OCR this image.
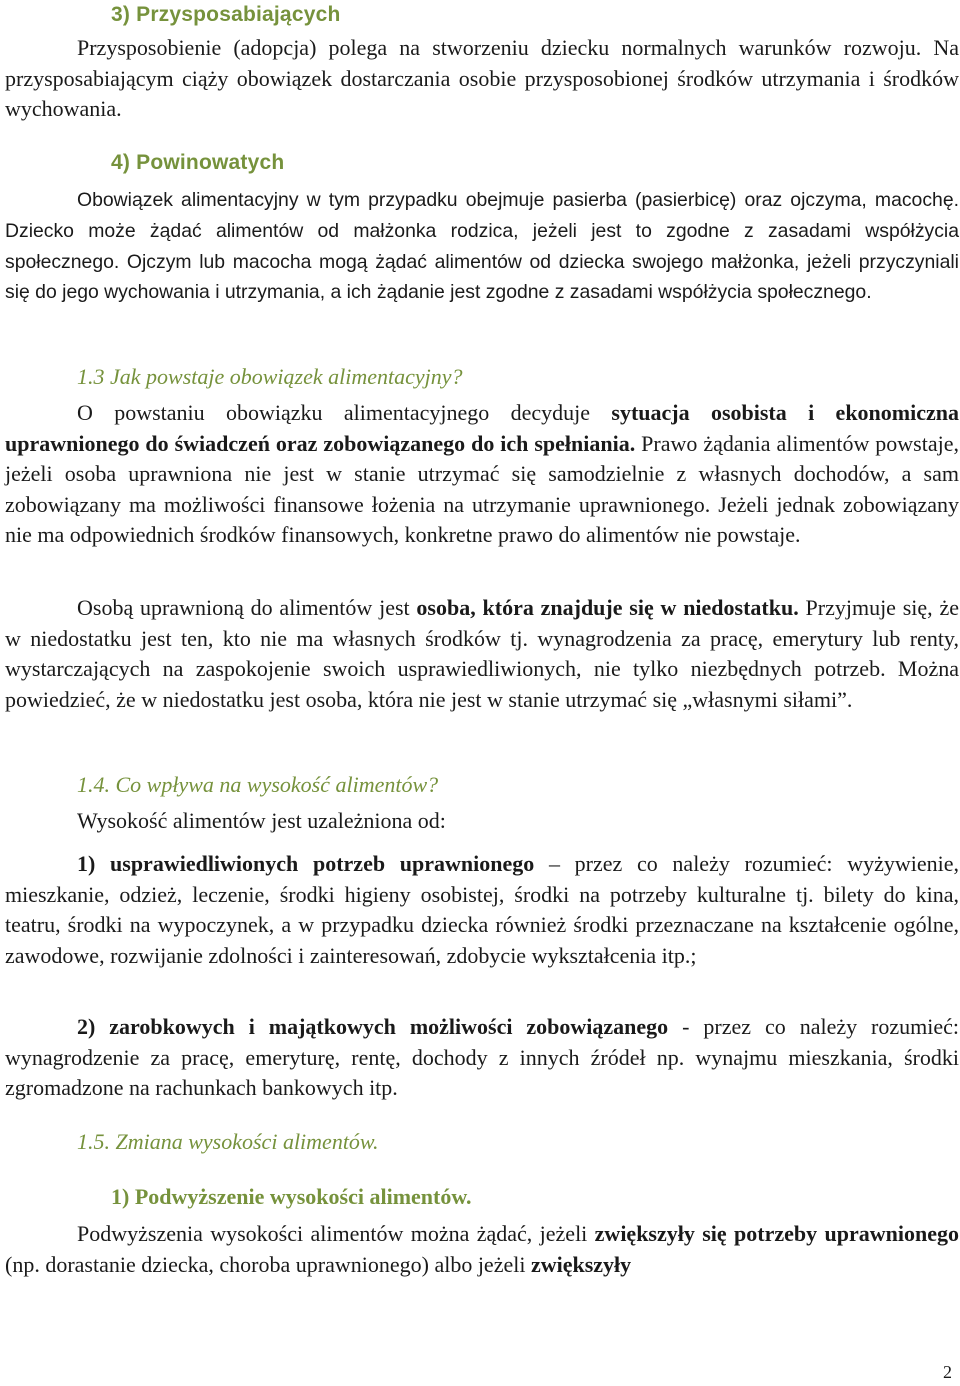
3) Przysposabiających

Przysposobienie (adopcja) polega na stworzeniu dziecku normalnych warunków rozwoju. Na przysposabiającym ciąży obowiązek dostarczania osobie przysposobionej środków utrzymania i środków wychowania.

4) Powinowatych

Obowiązek alimentacyjny w tym przypadku obejmuje pasierba (pasierbicę) oraz ojczyma, macochę. Dziecko może żądać alimentów od małżonka rodzica, jeżeli jest to zgodne z zasadami współżycia społecznego. Ojczym lub macocha mogą żądać alimentów od dziecka swojego małżonka, jeżeli przyczyniali się do jego wychowania i utrzymania, a ich żądanie jest zgodne z zasadami współżycia społecznego.

1.3 Jak powstaje obowiązek alimentacyjny?

O powstaniu obowiązku alimentacyjnego decyduje sytuacja osobista i ekonomiczna uprawnionego do świadczeń oraz zobowiązanego do ich spełniania. Prawo żądania alimentów powstaje, jeżeli osoba uprawniona nie jest w stanie utrzymać się samodzielnie z własnych dochodów, a sam zobowiązany ma możliwości finansowe łożenia na utrzymanie uprawnionego. Jeżeli jednak zobowiązany nie ma odpowiednich środków finansowych, konkretne prawo do alimentów nie powstaje.

Osobą uprawnioną do alimentów jest osoba, która znajduje się w niedostatku. Przyjmuje się, że w niedostatku jest ten, kto nie ma własnych środków tj. wynagrodzenia za pracę, emerytury lub renty, wystarczających na zaspokojenie swoich usprawiedliwionych, nie tylko niezbędnych potrzeb. Można powiedzieć, że w niedostatku jest osoba, która nie jest w stanie utrzymać się „własnymi siłami”.

1.4. Co wpływa na wysokość alimentów?

Wysokość alimentów jest uzależniona od:

1) usprawiedliwionych potrzeb uprawnionego – przez co należy rozumieć: wyżywienie, mieszkanie, odzież, leczenie, środki higieny osobistej, środki na potrzeby kulturalne tj. bilety do kina, teatru, środki na wypoczynek, a w przypadku dziecka również środki przeznaczane na kształcenie ogólne, zawodowe, rozwijanie zdolności i zainteresowań, zdobycie wykształcenia itp.;

2) zarobkowych i majątkowych możliwości zobowiązanego - przez co należy rozumieć: wynagrodzenie za pracę, emeryturę, rentę, dochody z innych źródeł np. wynajmu mieszkania, środki zgromadzone na rachunkach bankowych itp.

1.5. Zmiana wysokości alimentów.
1) Podwyższenie wysokości alimentów.

Podwyższenia wysokości alimentów można żądać, jeżeli zwiększyły się potrzeby uprawnionego (np. dorastanie dziecka, choroba uprawnionego) albo jeżeli zwiększyły

2
